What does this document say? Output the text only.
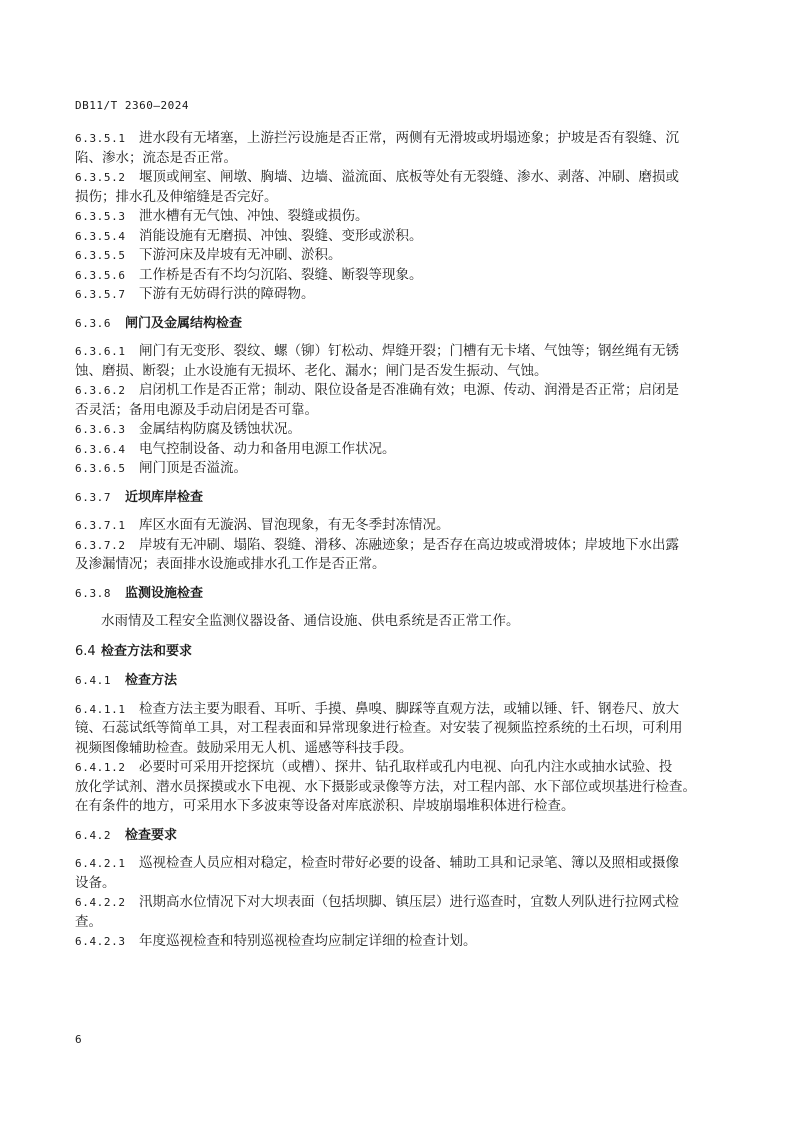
DB11/T 2360—2024

6.3.5.1 进水段有无堵塞，上游拦污设施是否正常，两侧有无滑坡或坍塌迹象；护坡是否有裂缝、沉

陷、渗水；流态是否正常。

6.3.5.2 堰顶或闸室、闸墩、胸墙、边墙、溢流面、底板等处有无裂缝、渗水、剥落、冲刷、磨损或

损伤；排水孔及伸缩缝是否完好。

6.3.5.3 泄水槽有无气蚀、冲蚀、裂缝或损伤。

6.3.5.4 消能设施有无磨损、冲蚀、裂缝、变形或淤积。

6.3.5.5 下游河床及岸坡有无冲刷、淤积。

6.3.5.6 工作桥是否有不均匀沉陷、裂缝、断裂等现象。

6.3.5.7 下游有无妨碍行洪的障碍物。

6.3.6 闸门及金属结构检查

6.3.6.1 闸门有无变形、裂纹、螺（铆）钉松动、焊缝开裂；门槽有无卡堵、气蚀等；钢丝绳有无锈

蚀、磨损、断裂；止水设施有无损坏、老化、漏水；闸门是否发生振动、气蚀。

6.3.6.2 启闭机工作是否正常；制动、限位设备是否准确有效；电源、传动、润滑是否正常；启闭是

否灵活；备用电源及手动启闭是否可靠。

6.3.6.3 金属结构防腐及锈蚀状况。

6.3.6.4 电气控制设备、动力和备用电源工作状况。

6.3.6.5 闸门顶是否溢流。

6.3.7 近坝库岸检查

6.3.7.1 库区水面有无漩涡、冒泡现象，有无冬季封冻情况。

6.3.7.2 岸坡有无冲刷、塌陷、裂缝、滑移、冻融迹象；是否存在高边坡或滑坡体；岸坡地下水出露

及渗漏情况；表面排水设施或排水孔工作是否正常。

6.3.8 监测设施检查

水雨情及工程安全监测仪器设备、通信设施、供电系统是否正常工作。

6.4 检查方法和要求

6.4.1 检查方法

6.4.1.1 检查方法主要为眼看、耳听、手摸、鼻嗅、脚踩等直观方法，或辅以锤、钎、钢卷尺、放大

镜、石蕊试纸等简单工具，对工程表面和异常现象进行检查。对安装了视频监控系统的土石坝，可利用

视频图像辅助检查。鼓励采用无人机、遥感等科技手段。

6.4.1.2 必要时可采用开挖探坑（或槽）、探井、钻孔取样或孔内电视、向孔内注水或抽水试验、投

放化学试剂、潜水员探摸或水下电视、水下摄影或录像等方法，对工程内部、水下部位或坝基进行检查。

在有条件的地方，可采用水下多波束等设备对库底淤积、岸坡崩塌堆积体进行检查。

6.4.2 检查要求

6.4.2.1 巡视检查人员应相对稳定，检查时带好必要的设备、辅助工具和记录笔、簿以及照相或摄像

设备。

6.4.2.2 汛期高水位情况下对大坝表面（包括坝脚、镇压层）进行巡查时，宜数人列队进行拉网式检

查。

6.4.2.3 年度巡视检查和特别巡视检查均应制定详细的检查计划。

6
